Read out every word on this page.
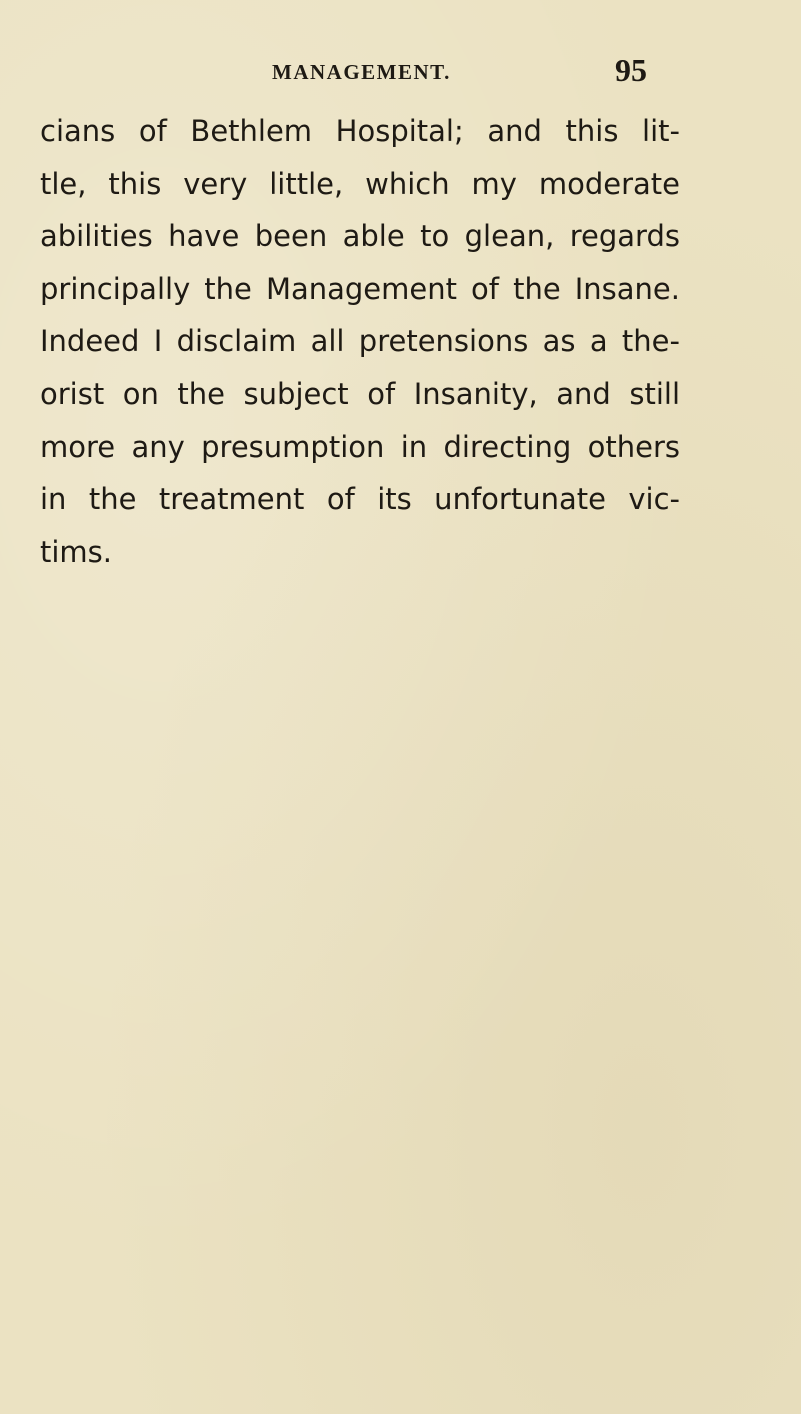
MANAGEMENT.	95
cians of Bethlem Hospital; and this lit-
tle, this very little, which my moderate
abilities have been able to glean, regards
principally the Management of the Insane.
Indeed I disclaim all pretensions as a the-
orist on the subject of Insanity, and still
more any presumption in directing others
in the treatment of its unfortunate vic-
tims.
